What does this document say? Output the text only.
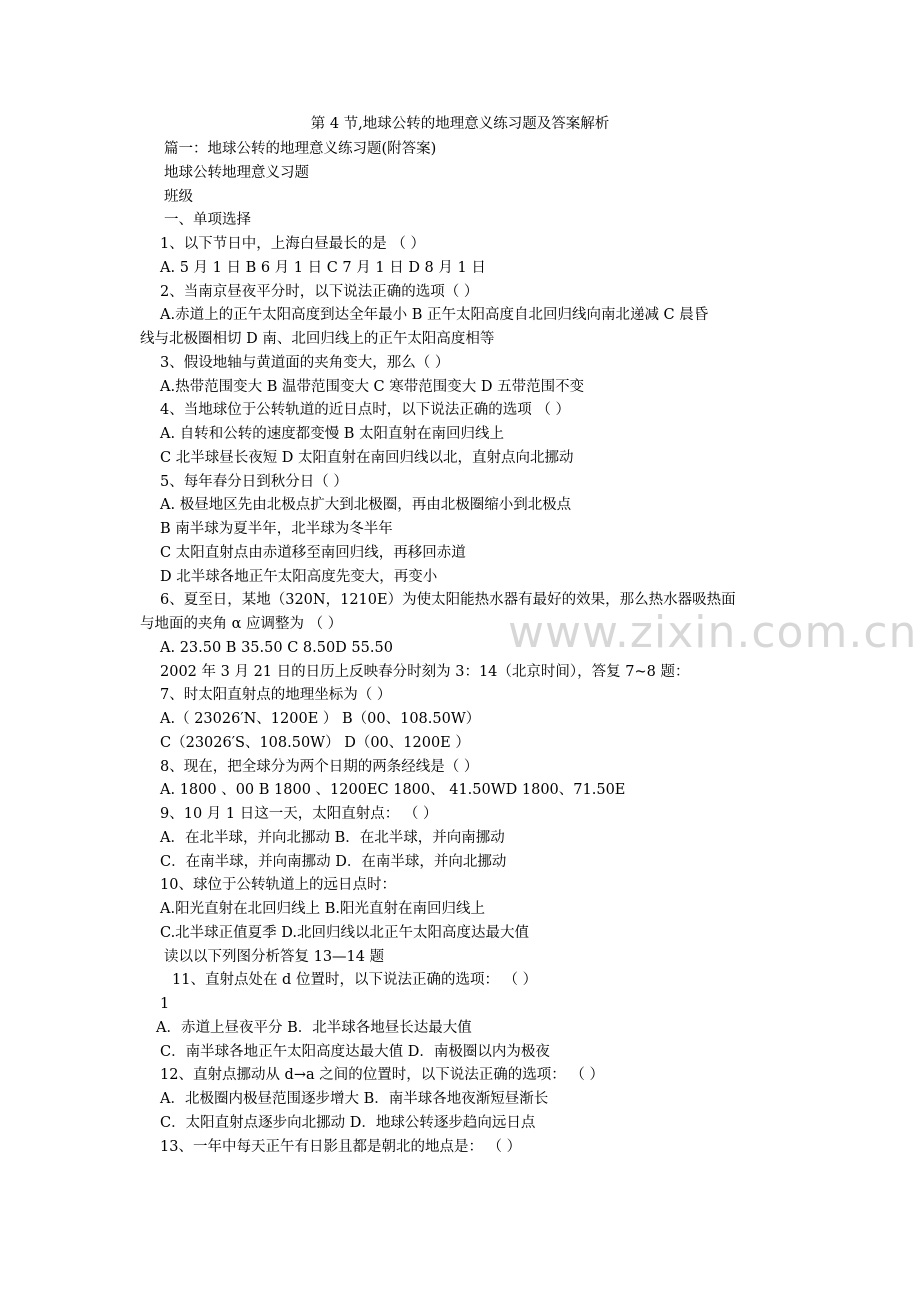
第 4 节,地球公转的地理意义练习题及答案解析
篇一：地球公转的地理意义练习题(附答案)
地球公转地理意义习题
班级
一、单项选择
1、以下节日中，上海白昼最长的是 （ ）
A. 5 月 1 日 B 6 月 1 日 C 7 月 1 日 D 8 月 1 日
2、当南京昼夜平分时，以下说法正确的选项（ ）
A.赤道上的正午太阳高度到达全年最小 B 正午太阳高度自北回归线向南北递减 C 晨昏
线与北极圈相切 D 南、北回归线上的正午太阳高度相等
3、假设地轴与黄道面的夹角变大，那么（ ）
A.热带范围变大 B 温带范围变大 C 寒带范围变大 D 五带范围不变
4、当地球位于公转轨道的近日点时，以下说法正确的选项 （ ）
A. 自转和公转的速度都变慢 B 太阳直射在南回归线上
C 北半球昼长夜短 D 太阳直射在南回归线以北，直射点向北挪动
5、每年春分日到秋分日（ ）
A. 极昼地区先由北极点扩大到北极圈，再由北极圈缩小到北极点
B 南半球为夏半年，北半球为冬半年
C 太阳直射点由赤道移至南回归线，再移回赤道
D 北半球各地正午太阳高度先变大，再变小
6、夏至日，某地（320N，1210E）为使太阳能热水器有最好的效果，那么热水器吸热面
与地面的夹角 α 应调整为 （ ）
A. 23.50 B 35.50 C 8.50D 55.50
2002 年 3 月 21 日的日历上反映春分时刻为 3：14（北京时间），答复 7~8 题：
7、时太阳直射点的地理坐标为（ ）
A.（ 23026′N、1200E ） B（00、108.50W）
C（23026′S、108.50W） D（00、1200E ）
8、现在，把全球分为两个日期的两条经线是（ ）
A. 1800 、00 B 1800 、1200EC 1800、 41.50WD 1800、71.50E
9、10 月 1 日这一天，太阳直射点： （ ）
A．在北半球，并向北挪动 B．在北半球，并向南挪动
C．在南半球，并向南挪动 D．在南半球，并向北挪动
10、球位于公转轨道上的远日点时：
A.阳光直射在北回归线上 B.阳光直射在南回归线上
C.北半球正值夏季 D.北回归线以北正午太阳高度达最大值
读以以下列图分析答复 13—14 题
11、直射点处在 d 位置时，以下说法正确的选项： （ ）
1
A．赤道上昼夜平分 B．北半球各地昼长达最大值
C．南半球各地正午太阳高度达最大值 D．南极圈以内为极夜
12、直射点挪动从 d→a 之间的位置时，以下说法正确的选项： （ ）
A．北极圈内极昼范围逐步增大 B．南半球各地夜渐短昼渐长
C．太阳直射点逐步向北挪动 D．地球公转逐步趋向远日点
13、一年中每天正午有日影且都是朝北的地点是： （ ）
www.zixin.com.cn
